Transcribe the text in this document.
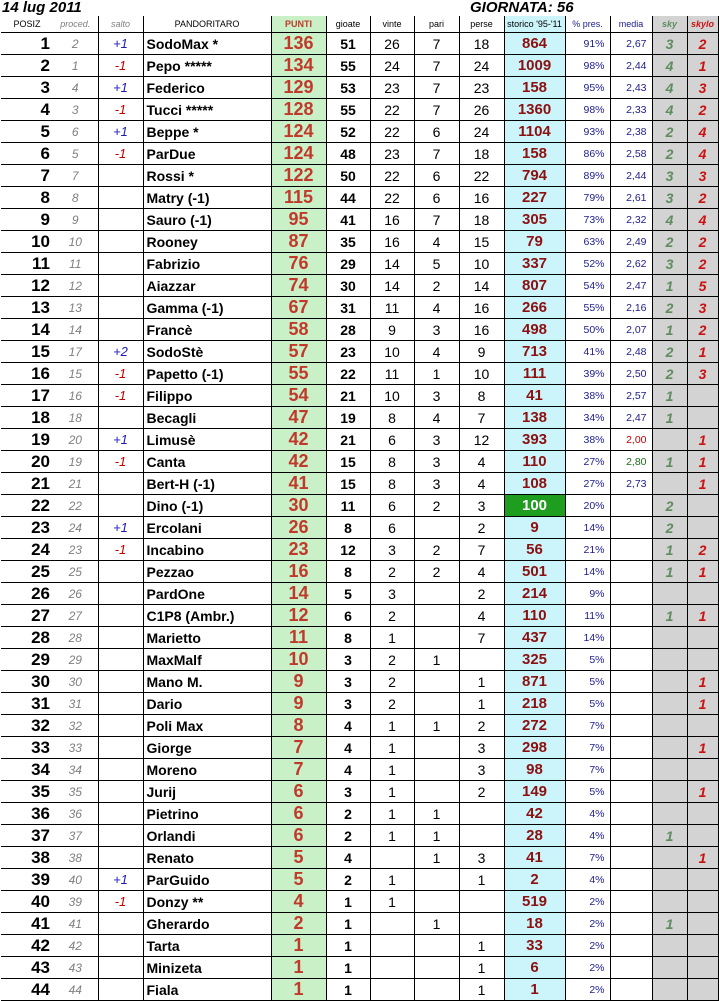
14 lug 2011	GIORNATA: 56
POSIZ	proced.	salto	PANDORITARO	PUNTI	gioate	vinte	pari	perse	storico '95-'11	% pres.	media	sky	skylo
1	2	+1	SodoMax *	136	51	26	7	18	864	91%	2,67	3	2
2	1	-1	Pepo *****	134	55	24	7	24	1009	98%	2,44	4	1
3	4	+1	Federico	129	53	23	7	23	158	95%	2,43	4	3
4	3	-1	Tucci *****	128	55	22	7	26	1360	98%	2,33	4	2
5	6	+1	Beppe *	124	52	22	6	24	1104	93%	2,38	2	4
6	5	-1	ParDue	124	48	23	7	18	158	86%	2,58	2	4
7	7		Rossi *	122	50	22	6	22	794	89%	2,44	3	3
8	8		Matry (-1)	115	44	22	6	16	227	79%	2,61	3	2
9	9		Sauro (-1)	95	41	16	7	18	305	73%	2,32	4	4
10	10		Rooney	87	35	16	4	15	79	63%	2,49	2	2
11	11		Fabrizio	76	29	14	5	10	337	52%	2,62	3	2
12	12		Aiazzar	74	30	14	2	14	807	54%	2,47	1	5
13	13		Gamma (-1)	67	31	11	4	16	266	55%	2,16	2	3
14	14		Francè	58	28	9	3	16	498	50%	2,07	1	2
15	17	+2	SodoStè	57	23	10	4	9	713	41%	2,48	2	1
16	15	-1	Papetto (-1)	55	22	11	1	10	111	39%	2,50	2	3
17	16	-1	Filippo	54	21	10	3	8	41	38%	2,57	1	
18	18		Becagli	47	19	8	4	7	138	34%	2,47	1	
19	20	+1	Limusè	42	21	6	3	12	393	38%	2,00		1
20	19	-1	Canta	42	15	8	3	4	110	27%	2,80	1	1
21	21		Bert-H (-1)	41	15	8	3	4	108	27%	2,73		1
22	22		Dino (-1)	30	11	6	2	3	100	20%		2	
23	24	+1	Ercolani	26	8	6		2	9	14%		2	
24	23	-1	Incabino	23	12	3	2	7	56	21%		1	2
25	25		Pezzao	16	8	2	2	4	501	14%		1	1
26	26		PardOne	14	5	3		2	214	9%			
27	27		C1P8 (Ambr.)	12	6	2		4	110	11%		1	1
28	28		Marietto	11	8	1		7	437	14%			
29	29		MaxMalf	10	3	2	1		325	5%			
30	30		Mano M.	9	3	2		1	871	5%			1
31	31		Dario	9	3	2		1	218	5%			1
32	32		Poli Max	8	4	1	1	2	272	7%			
33	33		Giorge	7	4	1		3	298	7%			1
34	34		Moreno	7	4	1		3	98	7%			
35	35		Jurij	6	3	1		2	149	5%			1
36	36		Pietrino	6	2	1	1		42	4%			
37	37		Orlandi	6	2	1	1		28	4%		1	
38	38		Renato	5	4		1	3	41	7%			1
39	40	+1	ParGuido	5	2	1		1	2	4%			
40	39	-1	Donzy **	4	1	1			519	2%			
41	41		Gherardo	2	1		1		18	2%		1	
42	42		Tarta	1	1			1	33	2%			
43	43		Minizeta	1	1			1	6	2%			
44	44		Fiala	1	1			1	1	2%			
